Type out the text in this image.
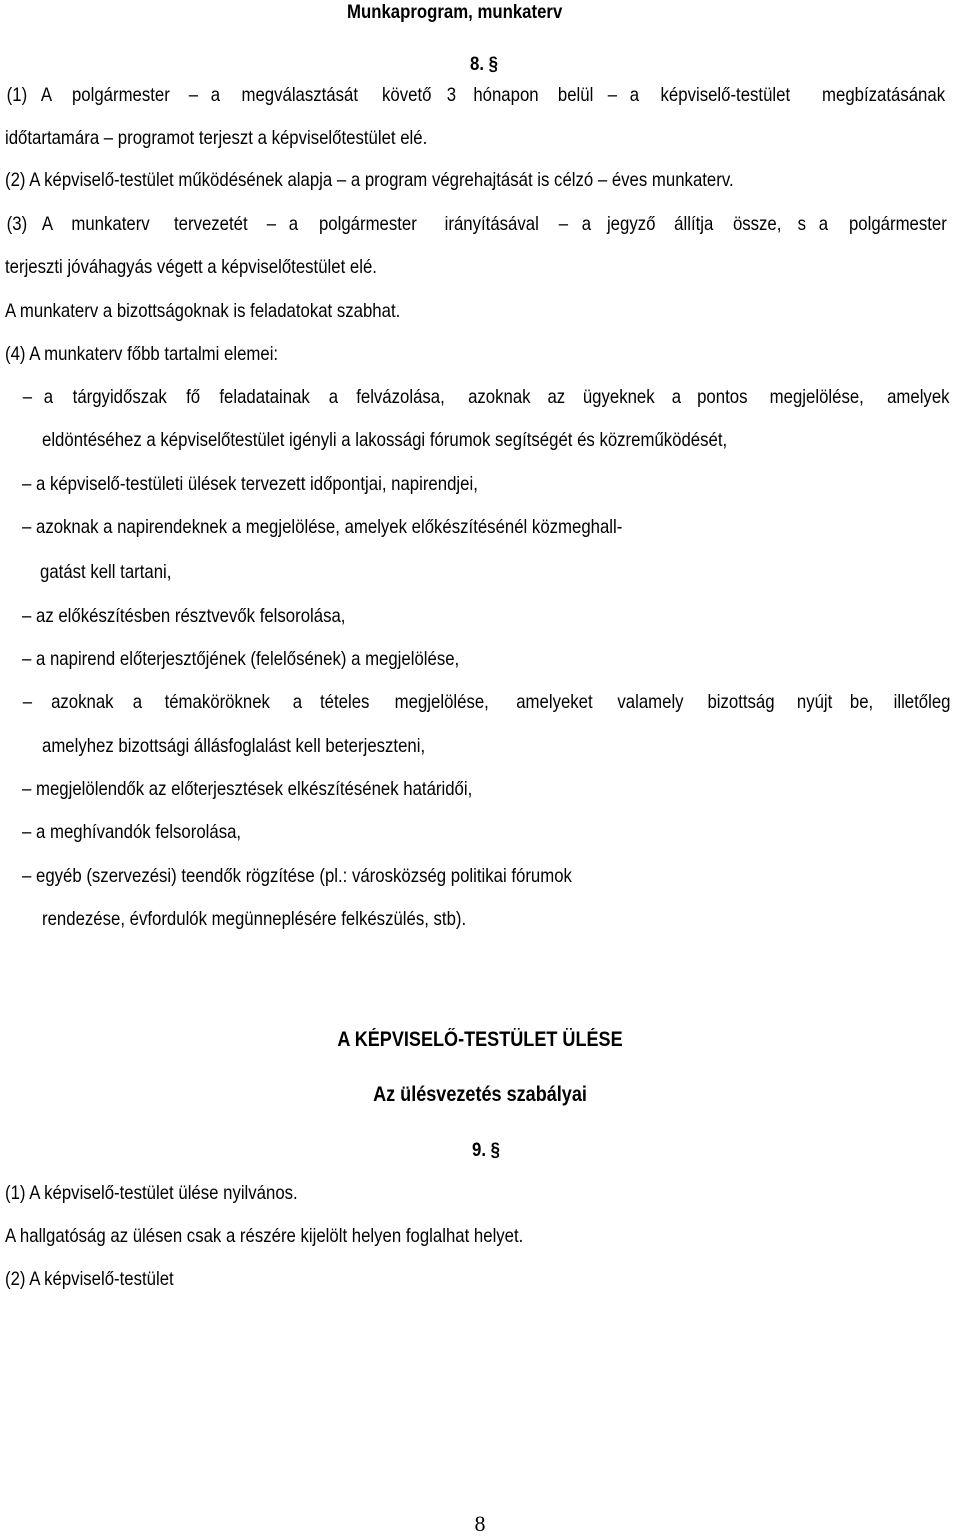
Munkaprogram, munkaterv
8. §
(1) A polgármester – a megválasztását követő 3 hónapon belül – a képviselő-testület megbízatásának
időtartamára – programot terjeszt a képviselőtestület elé.
(2) A képviselő-testület működésének alapja – a program végrehajtását is célzó – éves munkaterv.
(3) A munkaterv tervezetét – a polgármester irányításával – a jegyző állítja össze, s a polgármester
terjeszti jóváhagyás végett a képviselőtestület elé.
A munkaterv a bizottságoknak is feladatokat szabhat.
(4) A munkaterv főbb tartalmi elemei:
– a tárgyidőszak fő feladatainak a felvázolása, azoknak az ügyeknek a pontos megjelölése, amelyek
eldöntéséhez a képviselőtestület igényli a lakossági fórumok segítségét és közreműködését,
– a képviselő-testületi ülések tervezett időpontjai, napirendjei,
– azoknak a napirendeknek a megjelölése, amelyek előkészítésénél közmeghall-
gatást kell tartani,
– az előkészítésben résztvevők felsorolása,
– a napirend előterjesztőjének (felelősének) a megjelölése,
– azoknak a témaköröknek a tételes megjelölése, amelyeket valamely bizottság nyújt be, illetőleg
amelyhez bizottsági állásfoglalást kell beterjeszteni,
– megjelölendők az előterjesztések elkészítésének határidői,
– a meghívandók felsorolása,
– egyéb (szervezési) teendők rögzítése (pl.: városközség politikai fórumok
rendezése, évfordulók megünneplésére felkészülés, stb).
A KÉPVISELŐ-TESTÜLET ÜLÉSE
Az ülésvezetés szabályai
9. §
(1) A képviselő-testület ülése nyilvános.
A hallgatóság az ülésen csak a részére kijelölt helyen foglalhat helyet.
(2) A képviselő-testület
8
